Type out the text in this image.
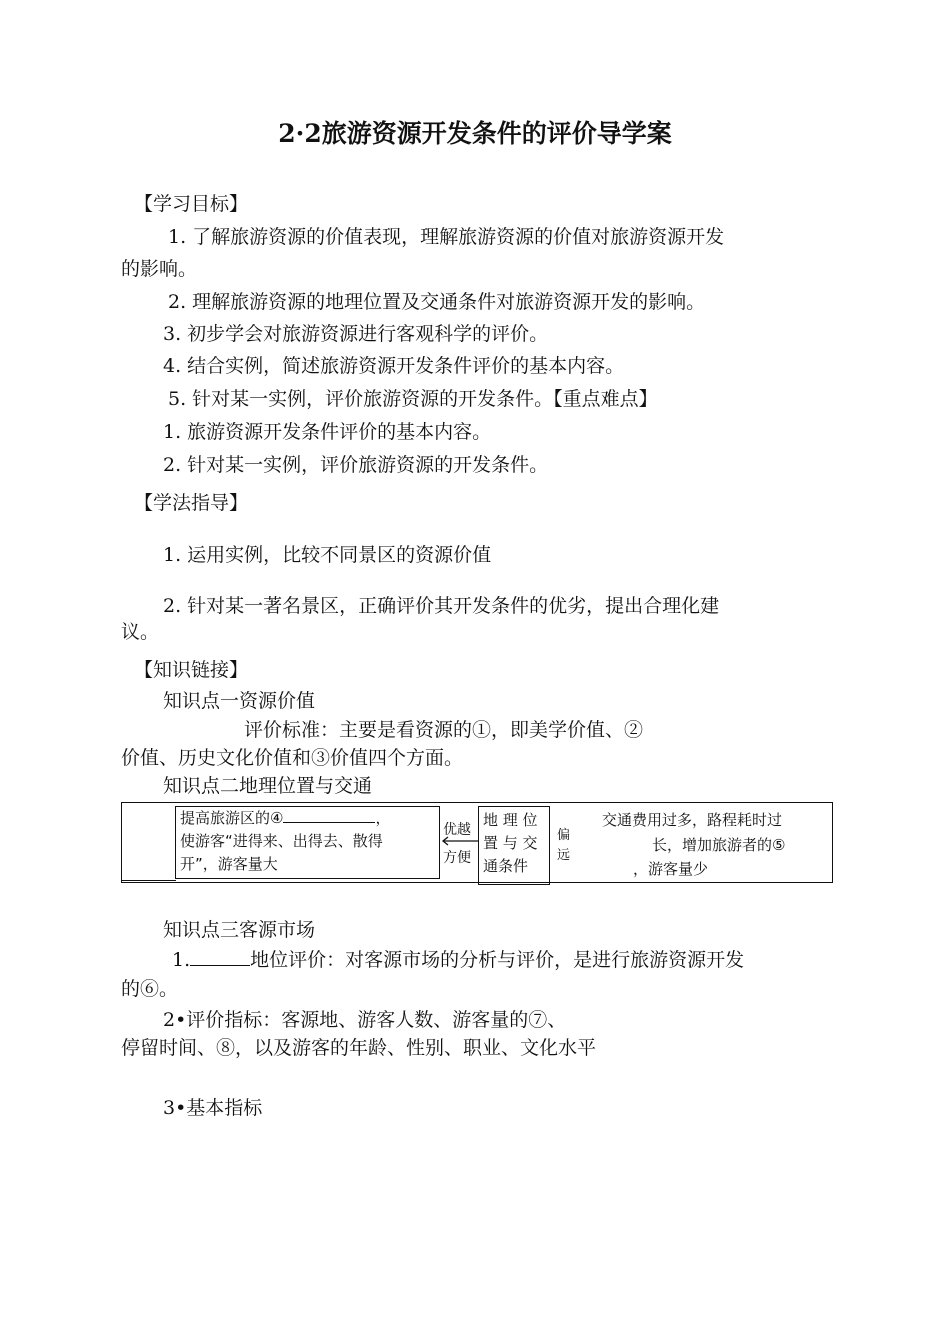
2·2旅游资源开发条件的评价导学案
【学习目标】
1. 了解旅游资源的价值表现，理解旅游资源的价值对旅游资源开发
的影响。
2. 理解旅游资源的地理位置及交通条件对旅游资源开发的影响。
3. 初步学会对旅游资源进行客观科学的评价。
4. 结合实例，简述旅游资源开发条件评价的基本内容。
5. 针对某一实例，评价旅游资源的开发条件。【重点难点】
1. 旅游资源开发条件评价的基本内容。
2. 针对某一实例，评价旅游资源的开发条件。
【学法指导】
1. 运用实例，比较不同景区的资源价值
2. 针对某一著名景区，正确评价其开发条件的优劣，提出合理化建
议。
【知识链接】
知识点一资源价值
评价标准：主要是看资源的①，即美学价值、②
价值、历史文化价值和③价值四个方面。
知识点二地理位置与交通
提高旅游区的④	，
使游客“进得来、出得去、散得
开”，游客量大
优越
方便
地 理 位
置 与 交
通条件
偏
远
交通费用过多，路程耗时过
长，增加旅游者的⑤
，游客量少
知识点三客源市场
1.	地位评价：对客源市场的分析与评价，是进行旅游资源开发
的⑥。
2•评价指标：客源地、游客人数、游客量的⑦、
停留时间、⑧，以及游客的年龄、性别、职业、文化水平
3•基本指标
